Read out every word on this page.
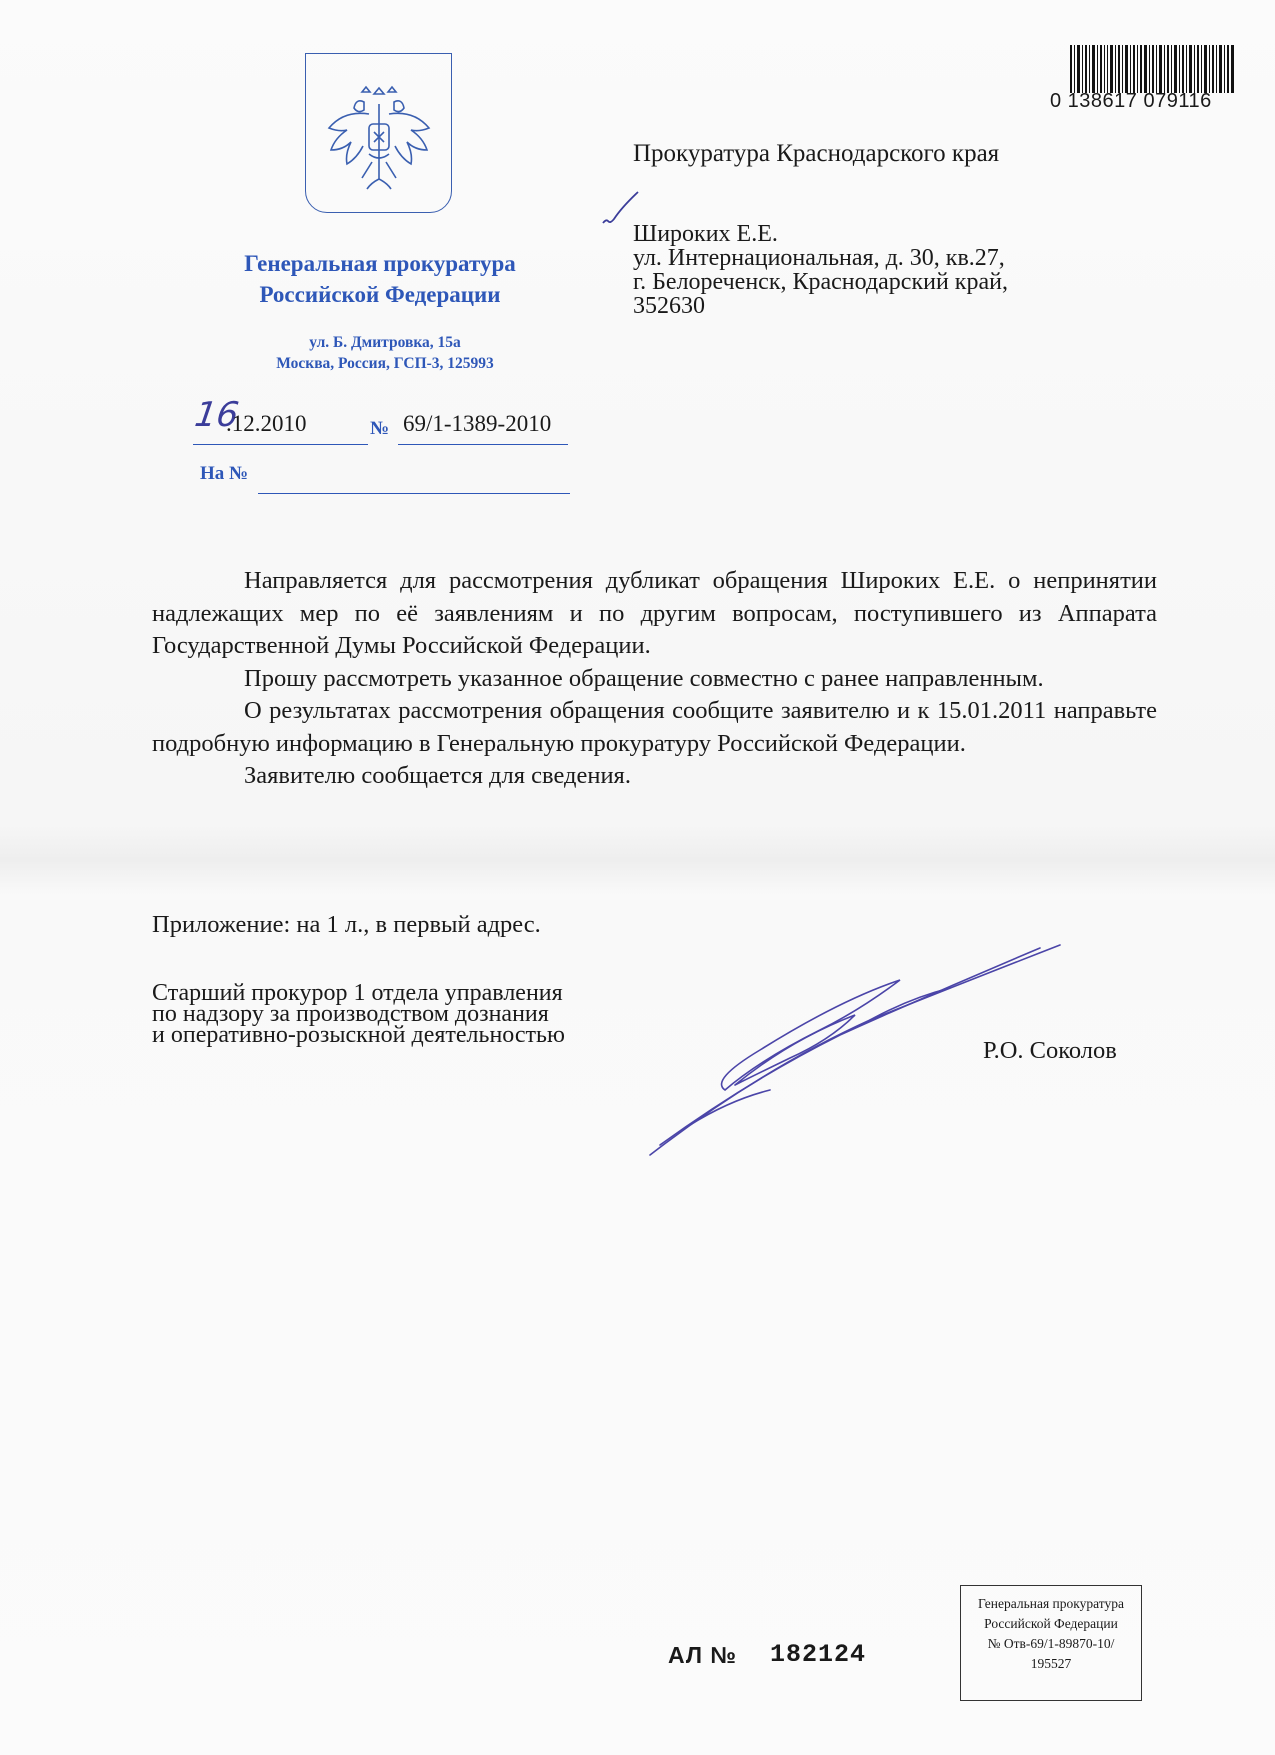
Генеральная прокуратура
Российской Федерации
ул. Б. Дмитровка, 15а
Москва, Россия, ГСП-3, 125993
16
.12.2010	№ 69/1-1389-2010
На №
0 138617 079116
Прокуратура Краснодарского края
Широких Е.Е.
ул. Интернациональная, д. 30, кв.27,
г. Белореченск, Краснодарский край,
352630

Направляется для рассмотрения дубликат обращения Широких Е.Е. о непринятии надлежащих мер по её заявлениям и по другим вопросам, поступившего из Аппарата Государственной Думы Российской Федерации.

Прошу рассмотреть указанное обращение совместно с ранее направленным.

О результатах рассмотрения обращения сообщите заявителю и к 15.01.2011 направьте подробную информацию в Генеральную прокуратуру Российской Федерации.

Заявителю сообщается для сведения.

Приложение: на 1 л., в первый адрес.
Старший прокурор 1 отдела управления
по надзору за производством дознания
и оперативно-розыскной деятельностью
Р.О. Соколов
АЛ № 182124
Генеральная прокуратура
Российской Федерации
№ Отв-69/1-89870-10/
195527
